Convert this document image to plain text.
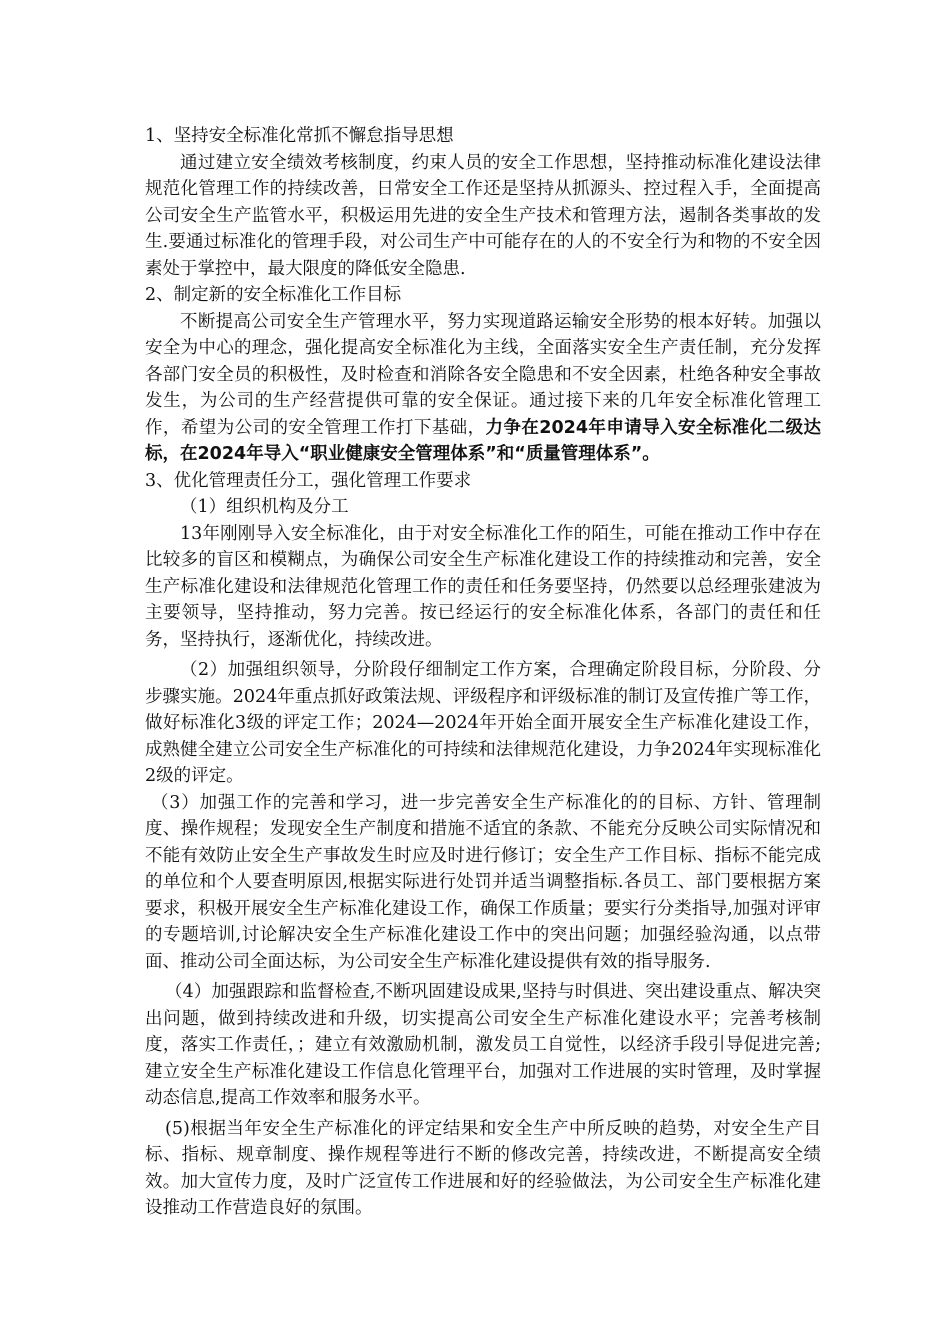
1、坚持安全标准化常抓不懈怠指导思想

通过建立安全绩效考核制度，约束人员的安全工作思想，坚持推动标准化建设法律规范化管理工作的持续改善，日常安全工作还是坚持从抓源头、控过程入手，全面提高公司安全生产监管水平，积极运用先进的安全生产技术和管理方法，遏制各类事故的发生.要通过标准化的管理手段，对公司生产中可能存在的人的不安全行为和物的不安全因素处于掌控中，最大限度的降低安全隐患.

2、制定新的安全标准化工作目标

不断提高公司安全生产管理水平，努力实现道路运输安全形势的根本好转。加强以安全为中心的理念，强化提高安全标准化为主线，全面落实安全生产责任制，充分发挥各部门安全员的积极性，及时检查和消除各安全隐患和不安全因素，杜绝各种安全事故发生，为公司的生产经营提供可靠的安全保证。通过接下来的几年安全标准化管理工作，希望为公司的安全管理工作打下基础，力争在2024年申请导入安全标准化二级达标，在2024年导入“职业健康安全管理体系”和“质量管理体系”。

3、优化管理责任分工，强化管理工作要求

（1）组织机构及分工

13年刚刚导入安全标准化，由于对安全标准化工作的陌生，可能在推动工作中存在比较多的盲区和模糊点，为确保公司安全生产标准化建设工作的持续推动和完善，安全生产标准化建设和法律规范化管理工作的责任和任务要坚持，仍然要以总经理张建波为主要领导，坚持推动，努力完善。按已经运行的安全标准化体系，各部门的责任和任务，坚持执行，逐渐优化，持续改进。

（2）加强组织领导，分阶段仔细制定工作方案，合理确定阶段目标，分阶段、分步骤实施。2024年重点抓好政策法规、评级程序和评级标准的制订及宣传推广等工作，做好标准化3级的评定工作；2024—2024年开始全面开展安全生产标准化建设工作，成熟健全建立公司安全生产标准化的可持续和法律规范化建设，力争2024年实现标准化2级的评定。

（3）加强工作的完善和学习，进一步完善安全生产标准化的的目标、方针、管理制度、操作规程；发现安全生产制度和措施不适宜的条款、不能充分反映公司实际情况和不能有效防止安全生产事故发生时应及时进行修订；安全生产工作目标、指标不能完成的单位和个人要查明原因,根据实际进行处罚并适当调整指标.各员工、部门要根据方案要求，积极开展安全生产标准化建设工作，确保工作质量；要实行分类指导,加强对评审的专题培训,讨论解决安全生产标准化建设工作中的突出问题；加强经验沟通，以点带面、推动公司全面达标，为公司安全生产标准化建设提供有效的指导服务.

（4）加强跟踪和监督检查,不断巩固建设成果,坚持与时俱进、突出建设重点、解决突出问题，做到持续改进和升级，切实提高公司安全生产标准化建设水平；完善考核制度，落实工作责任，；建立有效激励机制，激发员工自觉性，以经济手段引导促进完善;建立安全生产标准化建设工作信息化管理平台，加强对工作进展的实时管理，及时掌握动态信息,提高工作效率和服务水平。

(5)根据当年安全生产标准化的评定结果和安全生产中所反映的趋势，对安全生产目标、指标、规章制度、操作规程等进行不断的修改完善，持续改进，不断提高安全绩效。加大宣传力度，及时广泛宣传工作进展和好的经验做法，为公司安全生产标准化建设推动工作营造良好的氛围。
